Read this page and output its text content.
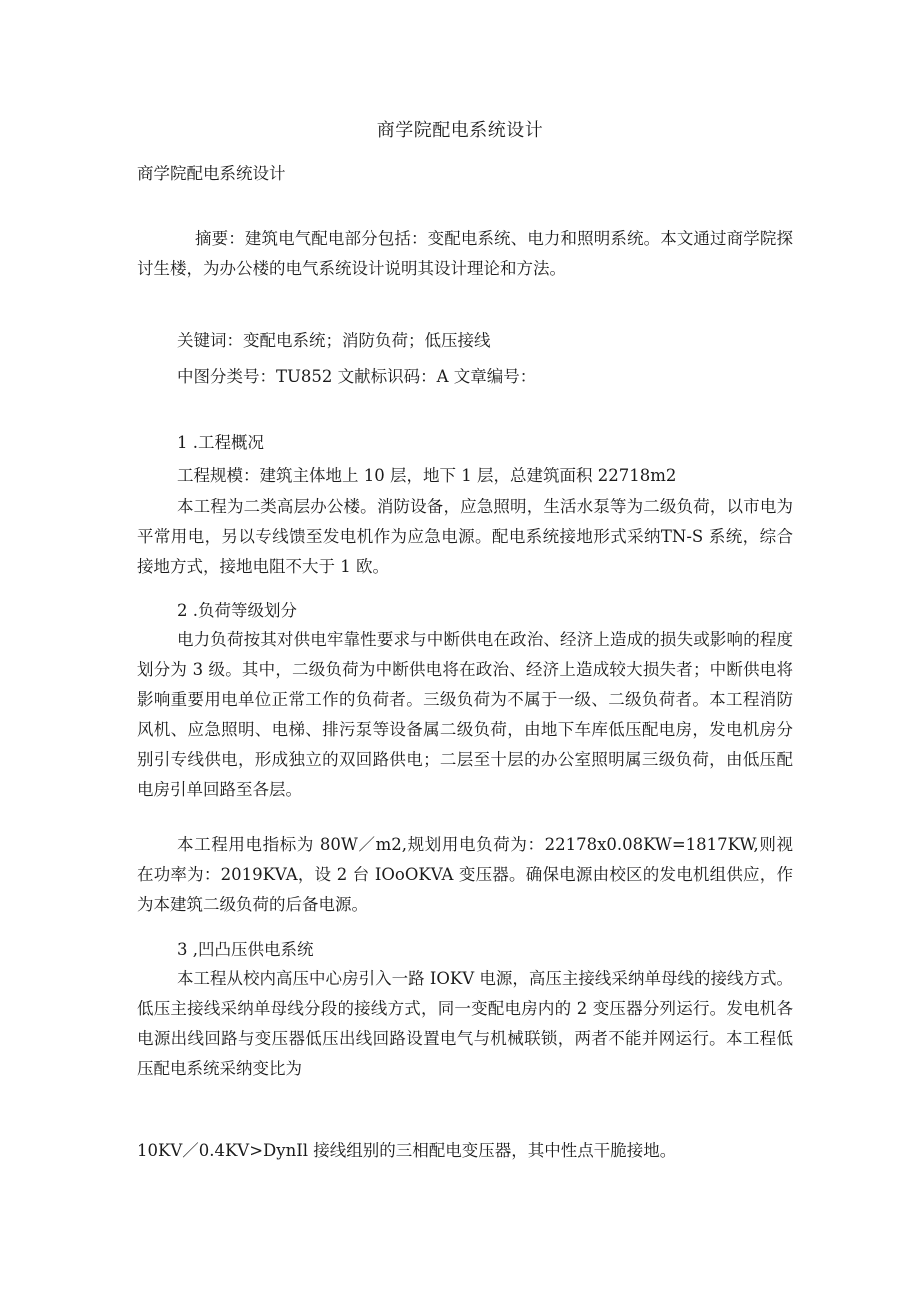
商学院配电系统设计
商学院配电系统设计

摘要：建筑电气配电部分包括：变配电系统、电力和照明系统。本文通过商学院探讨生楼，为办公楼的电气系统设计说明其设计理论和方法。

关键词：变配电系统；消防负荷；低压接线
中图分类号：TU852 文献标识码：A 文章编号：
1 .工程概况
工程规模：建筑主体地上 10 层，地下 1 层，总建筑面积 22718m2

本工程为二类高层办公楼。消防设备，应急照明，生活水泵等为二级负荷，以市电为平常用电，另以专线馈至发电机作为应急电源。配电系统接地形式采纳TN-S 系统，综合接地方式，接地电阻不大于 1 欧。

2 .负荷等级划分

电力负荷按其对供电牢靠性要求与中断供电在政治、经济上造成的损失或影响的程度划分为 3 级。其中，二级负荷为中断供电将在政治、经济上造成较大损失者；中断供电将影响重要用电单位正常工作的负荷者。三级负荷为不属于一级、二级负荷者。本工程消防风机、应急照明、电梯、排污泵等设备属二级负荷，由地下车库低压配电房，发电机房分别引专线供电，形成独立的双回路供电；二层至十层的办公室照明属三级负荷，由低压配电房引单回路至各层。

本工程用电指标为 80W／m2,规划用电负荷为：22178x0.08KW=1817KW,则视在功率为：2019KVA，设 2 台 IOoOKVA 变压器。确保电源由校区的发电机组供应，作为本建筑二级负荷的后备电源。

3 ,凹凸压供电系统

本工程从校内高压中心房引入一路 IOKV 电源，高压主接线采纳单母线的接线方式。低压主接线采纳单母线分段的接线方式，同一变配电房内的 2 变压器分列运行。发电机各电源出线回路与变压器低压出线回路设置电气与机械联锁，两者不能并网运行。本工程低压配电系统采纳变比为

10KV／0.4KV>DynIl 接线组别的三相配电变压器，其中性点干脆接地。
